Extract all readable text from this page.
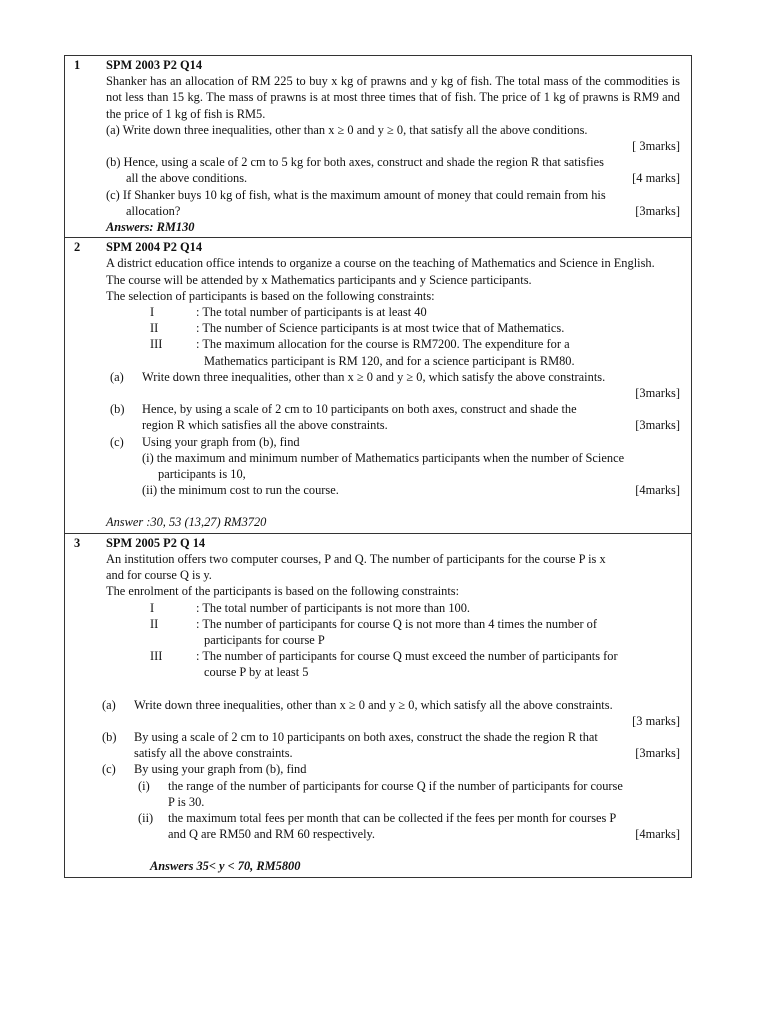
1 SPM 2003 P2 Q14
Shanker has an allocation of RM 225 to buy x kg of prawns and y kg of fish. The total mass of the commodities is not less than 15 kg. The mass of prawns is at most three times that of fish. The price of 1 kg of prawns is RM9 and the price of 1 kg of fish is RM5.
(a) Write down three inequalities, other than x ≥ 0 and y ≥ 0, that satisfy all the above conditions.
[ 3marks]
(b) Hence, using a scale of 2 cm to 5 kg for both axes, construct and shade the region R that satisfies
all the above conditions.	[4 marks]
(c) If Shanker buys 10 kg of fish, what is the maximum amount of money that could remain from his
allocation?	[3marks]
Answers: RM130
2 SPM 2004 P2 Q14
A district education office intends to organize a course on the teaching of Mathematics and Science in English.
The course will be attended by x Mathematics participants and y Science participants.
The selection of participants is based on the following constraints:
I	: The total number of participants is at least 40
II	: The number of Science participants is at most twice that of Mathematics.
III	: The maximum allocation for the course is RM7200. The expenditure for a
Mathematics participant is RM 120, and for a science participant is RM80.
(a) Write down three inequalities, other than x ≥ 0 and y ≥ 0, which satisfy the above constraints.
[3marks]
(b) Hence, by using a scale of 2 cm to 10 participants on both axes, construct and shade the
region R which satisfies all the above constraints.	[3marks]
(c) Using your graph from (b), find
(i) the maximum and minimum number of Mathematics participants when the number of Science
participants is 10,
(ii) the minimum cost to run the course.	[4marks]
Answer :30, 53 (13,27) RM3720
3 SPM 2005 P2 Q 14
An institution offers two computer courses, P and Q. The number of participants for the course P is x
and for course Q is y.
The enrolment of the participants is based on the following constraints:
I	: The total number of participants is not more than 100.
II	: The number of participants for course Q is not more than 4 times the number of
participants for course P
III	: The number of participants for course Q must exceed the number of participants for
course P by at least 5
(a) Write down three inequalities, other than x ≥ 0 and y ≥ 0, which satisfy all the above constraints.
[3 marks]
(b) By using a scale of 2 cm to 10 participants on both axes, construct the shade the region R that
satisfy all the above constraints.	[3marks]
(c) By using your graph from (b), find
(i) the range of the number of participants for course Q if the number of participants for course
P is 30.
(ii) the maximum total fees per month that can be collected if the fees per month for courses P
and Q are RM50 and RM 60 respectively.	[4marks]
Answers 35< y < 70, RM5800
